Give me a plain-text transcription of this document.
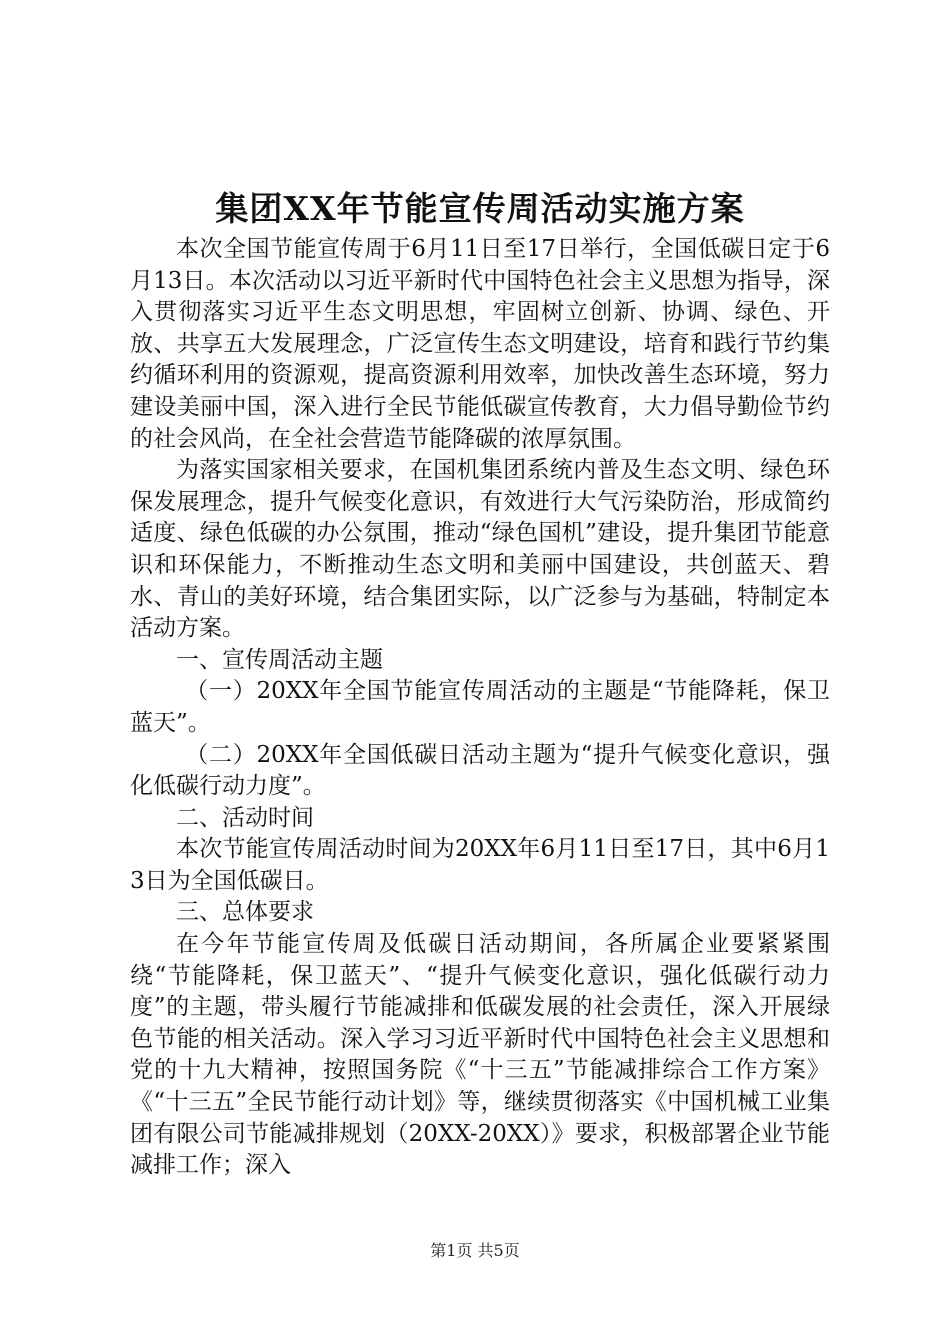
集团XX年节能宣传周活动实施方案

本次全国节能宣传周于6月11日至17日举行，全国低碳日定于6月13日。本次活动以习近平新时代中国特色社会主义思想为指导，深入贯彻落实习近平生态文明思想，牢固树立创新、协调、绿色、开放、共享五大发展理念，广泛宣传生态文明建设，培育和践行节约集约循环利用的资源观，提高资源利用效率，加快改善生态环境，努力建设美丽中国，深入进行全民节能低碳宣传教育，大力倡导勤俭节约的社会风尚，在全社会营造节能降碳的浓厚氛围。

为落实国家相关要求，在国机集团系统内普及生态文明、绿色环保发展理念，提升气候变化意识，有效进行大气污染防治，形成简约适度、绿色低碳的办公氛围，推动“绿色国机”建设，提升集团节能意识和环保能力，不断推动生态文明和美丽中国建设，共创蓝天、碧水、青山的美好环境，结合集团实际，以广泛参与为基础，特制定本活动方案。

一、宣传周活动主题

（一）20XX年全国节能宣传周活动的主题是“节能降耗，保卫蓝天”。

（二）20XX年全国低碳日活动主题为“提升气候变化意识，强化低碳行动力度”。

二、活动时间

本次节能宣传周活动时间为20XX年6月11日至17日，其中6月13日为全国低碳日。

三、总体要求

在今年节能宣传周及低碳日活动期间，各所属企业要紧紧围绕“节能降耗，保卫蓝天”、“提升气候变化意识，强化低碳行动力度”的主题，带头履行节能减排和低碳发展的社会责任，深入开展绿色节能的相关活动。深入学习习近平新时代中国特色社会主义思想和党的十九大精神，按照国务院《“十三五”节能减排综合工作方案》《“十三五”全民节能行动计划》等，继续贯彻落实《中国机械工业集团有限公司节能减排规划（20XX-20XX）》要求，积极部署企业节能减排工作；深入

第1页 共5页
